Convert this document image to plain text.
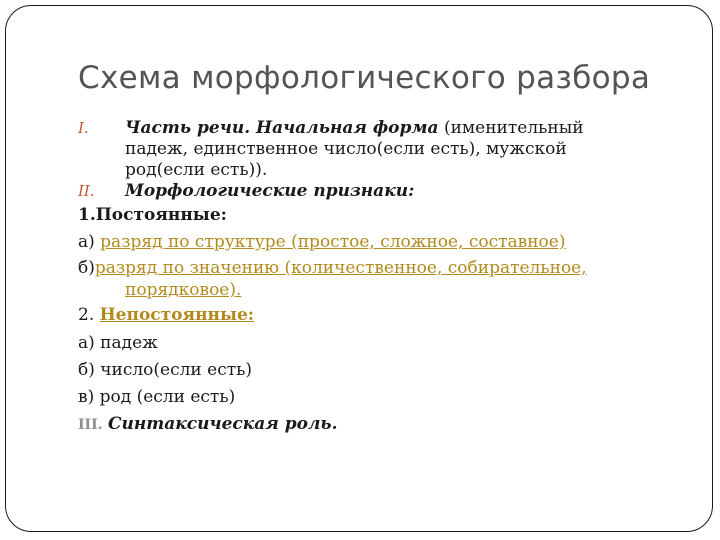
Схема морфологического разбора
I. Часть речи. Начальная форма (именительный
падеж, единственное число(если есть), мужской
род(если есть)).
II. Морфологические признаки:
1.Постоянные:
а) разряд по структуре (простое, сложное, составное)
б)разряд по значению (количественное, собирательное,
порядковое).
2. Непостоянные:
а) падеж
б) число(если есть)
в) род (если есть)
III. Синтаксическая роль.
